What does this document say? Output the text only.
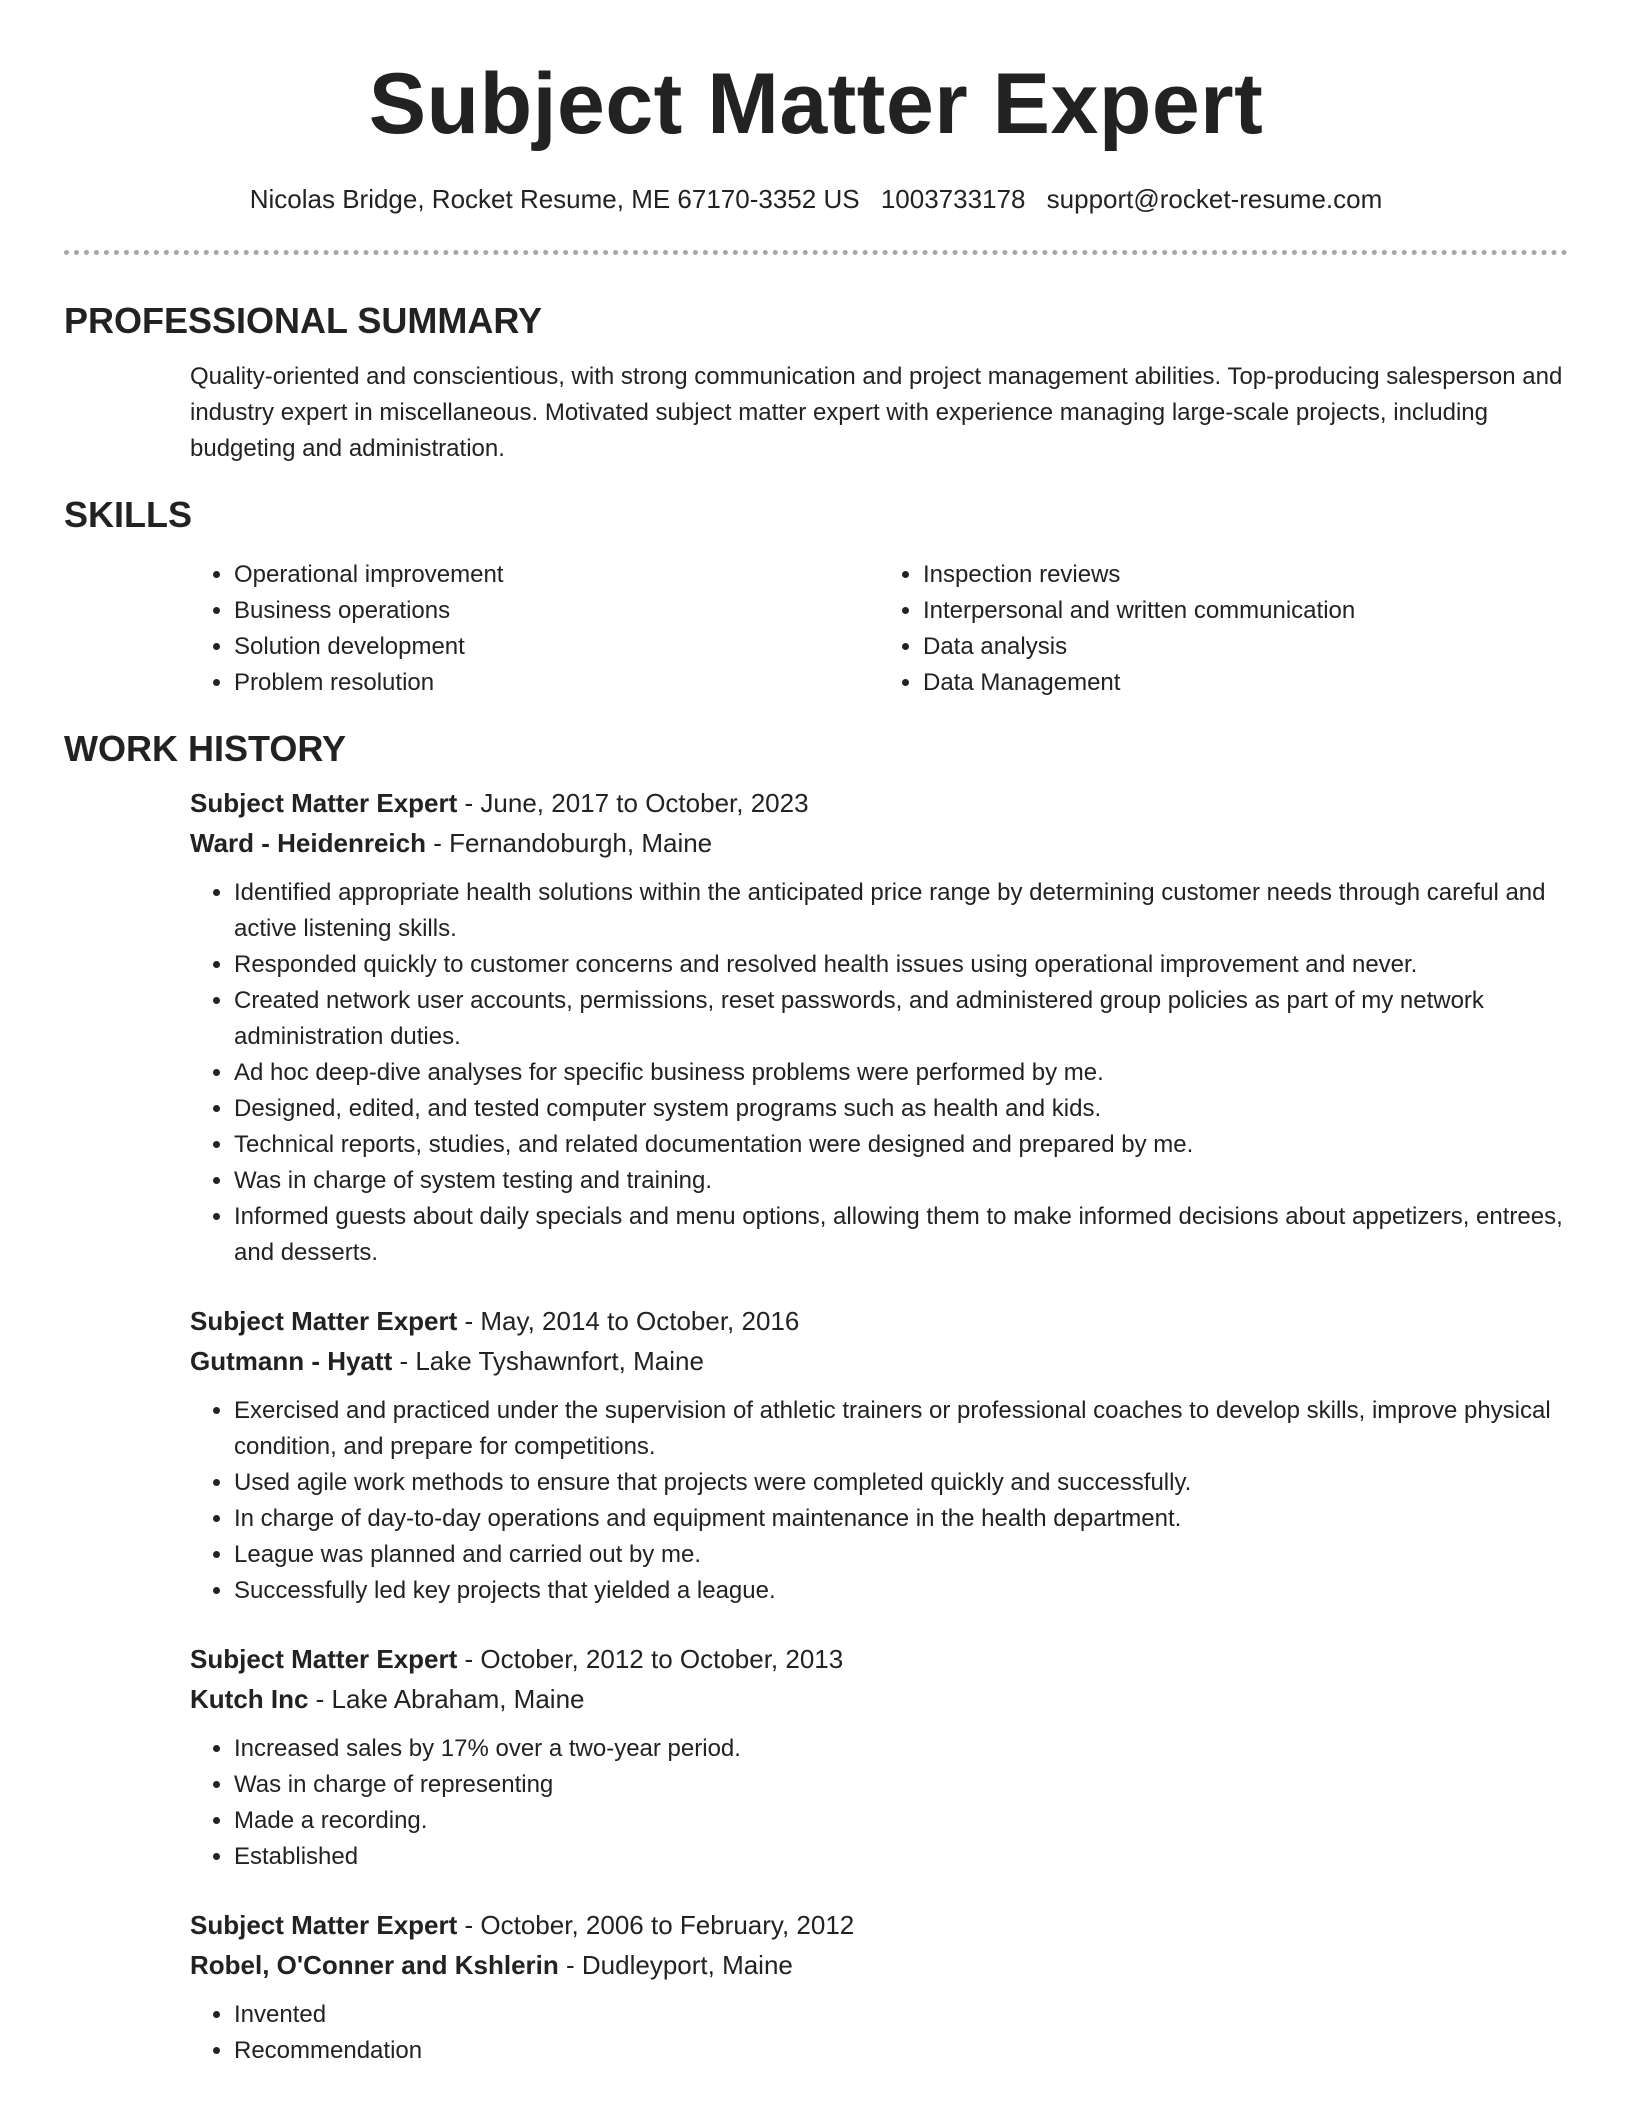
Subject Matter Expert
Nicolas Bridge, Rocket Resume, ME 67170-3352 US 1003733178 support@rocket-resume.com
PROFESSIONAL SUMMARY
Quality-oriented and conscientious, with strong communication and project management abilities. Top-producing salesperson and industry expert in miscellaneous. Motivated subject matter expert with experience managing large-scale projects, including budgeting and administration.
SKILLS
• Operational improvement
• Business operations
• Solution development
• Problem resolution
• Inspection reviews
• Interpersonal and written communication
• Data analysis
• Data Management
WORK HISTORY
Subject Matter Expert - June, 2017 to October, 2023
Ward - Heidenreich - Fernandoburgh, Maine
• Identified appropriate health solutions within the anticipated price range by determining customer needs through careful and active listening skills.
• Responded quickly to customer concerns and resolved health issues using operational improvement and never.
• Created network user accounts, permissions, reset passwords, and administered group policies as part of my network administration duties.
• Ad hoc deep-dive analyses for specific business problems were performed by me.
• Designed, edited, and tested computer system programs such as health and kids.
• Technical reports, studies, and related documentation were designed and prepared by me.
• Was in charge of system testing and training.
• Informed guests about daily specials and menu options, allowing them to make informed decisions about appetizers, entrees, and desserts.
Subject Matter Expert - May, 2014 to October, 2016
Gutmann - Hyatt - Lake Tyshawnfort, Maine
• Exercised and practiced under the supervision of athletic trainers or professional coaches to develop skills, improve physical condition, and prepare for competitions.
• Used agile work methods to ensure that projects were completed quickly and successfully.
• In charge of day-to-day operations and equipment maintenance in the health department.
• League was planned and carried out by me.
• Successfully led key projects that yielded a league.
Subject Matter Expert - October, 2012 to October, 2013
Kutch Inc - Lake Abraham, Maine
• Increased sales by 17% over a two-year period.
• Was in charge of representing
• Made a recording.
• Established
Subject Matter Expert - October, 2006 to February, 2012
Robel, O'Conner and Kshlerin - Dudleyport, Maine
• Invented
• Recommendation
